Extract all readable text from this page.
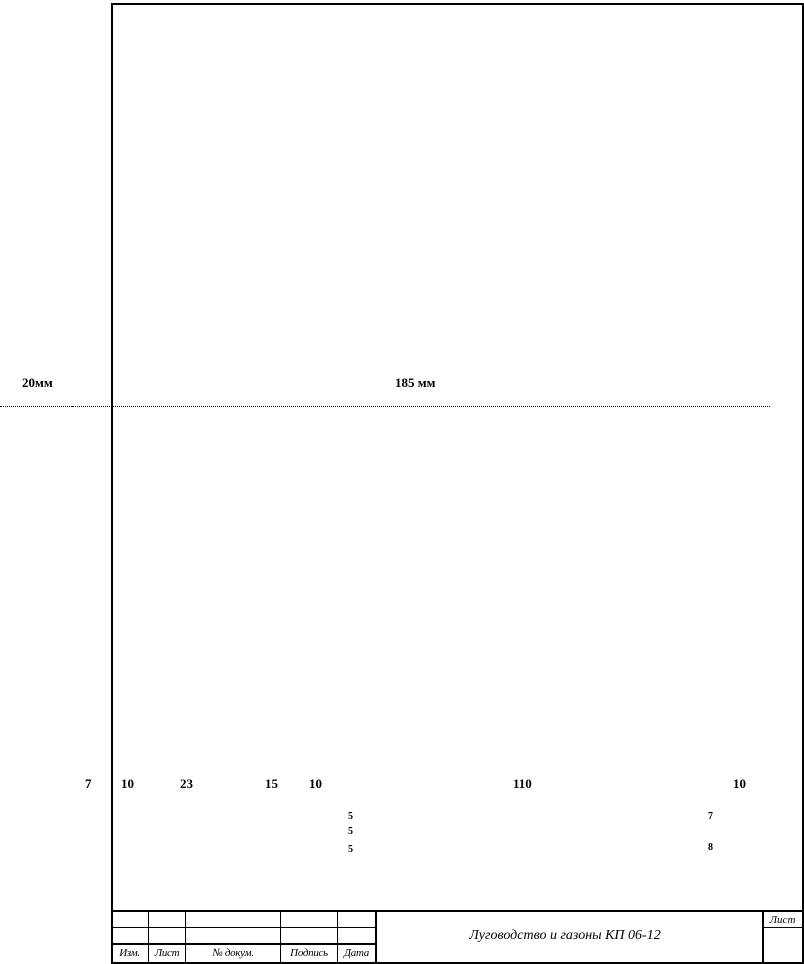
20мм	185 мм
7 10	23	15 10	110	10
5
5
5
7
8
Изм.	Лист	№ докум.	Подпись	Дата
Луговодство и газоны КП 06-12
Лист
